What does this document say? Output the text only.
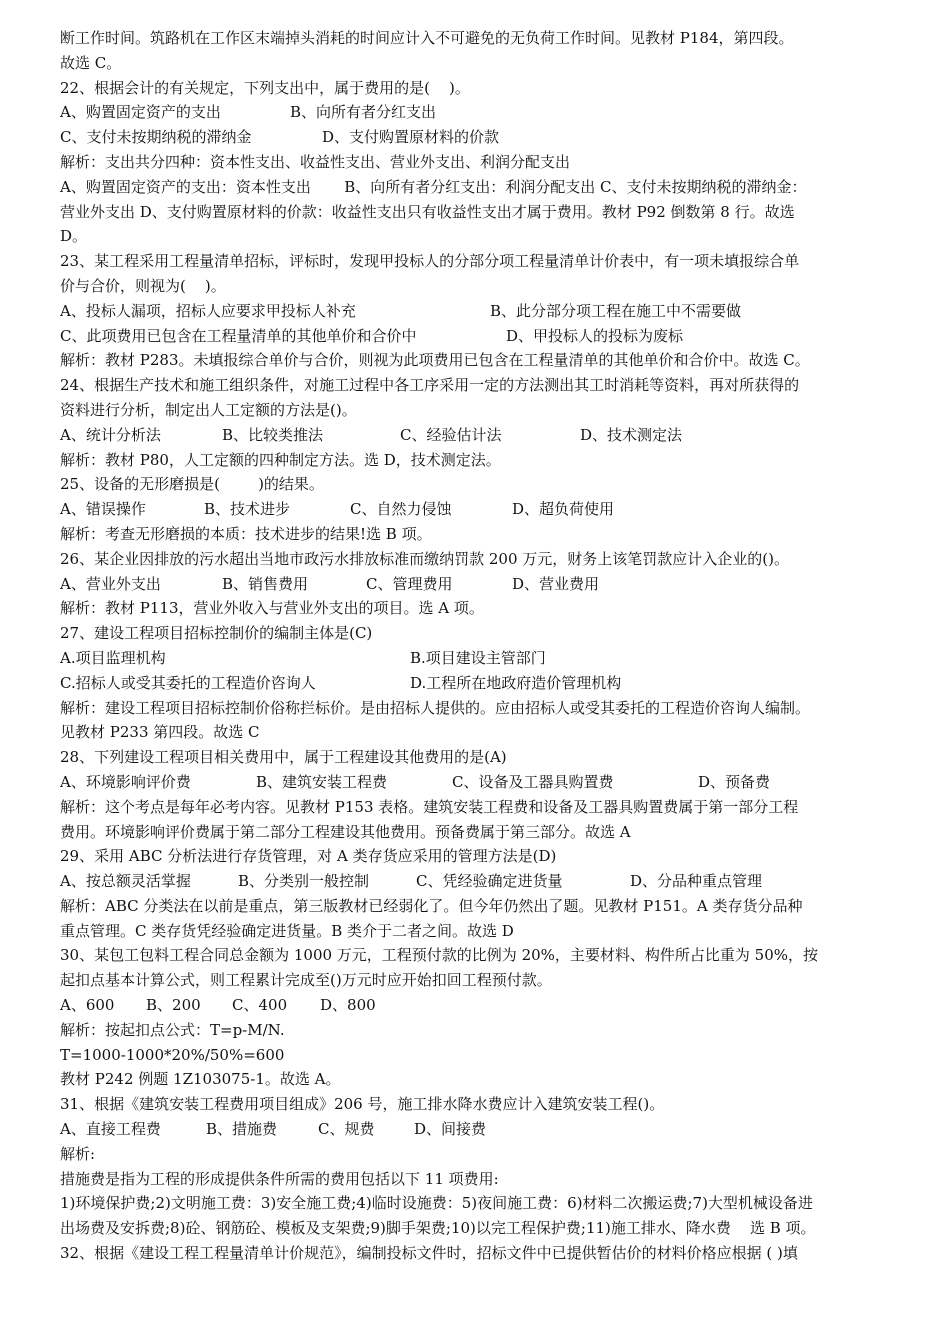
断工作时间。筑路机在工作区末端掉头消耗的时间应计入不可避免的无负荷工作时间。见教材 P184，第四段。
故选 C。
22、根据会计的有关规定，下列支出中，属于费用的是(    )。
A、购置固定资产的支出	B、向所有者分红支出
C、支付未按期纳税的滞纳金	D、支付购置原材料的价款
解析：支出共分四种：资本性支出、收益性支出、营业外支出、利润分配支出
A、购置固定资产的支出：资本性支出       B、向所有者分红支出：利润分配支出 C、支付未按期纳税的滞纳金：
营业外支出 D、支付购置原材料的价款：收益性支出只有收益性支出才属于费用。教材 P92 倒数第 8 行。故选
D。
23、某工程采用工程量清单招标，评标时，发现甲投标人的分部分项工程量清单计价表中，有一项未填报综合单
价与合价，则视为(    )。
A、投标人漏项，招标人应要求甲投标人补充	B、此分部分项工程在施工中不需要做
C、此项费用已包含在工程量清单的其他单价和合价中	D、甲投标人的投标为废标
解析：教材 P283。未填报综合单价与合价，则视为此项费用已包含在工程量清单的其他单价和合价中。故选 C。
24、根据生产技术和施工组织条件，对施工过程中各工序采用一定的方法测出其工时消耗等资料，再对所获得的
资料进行分析，制定出人工定额的方法是()。
A、统计分析法	B、比较类推法	C、经验估计法	D、技术测定法
解析：教材 P80，人工定额的四种制定方法。选 D，技术测定法。
25、设备的无形磨损是(        )的结果。
A、错误操作	B、技术进步	C、自然力侵蚀	D、超负荷使用
解析：考查无形磨损的本质：技术进步的结果!选 B 项。
26、某企业因排放的污水超出当地市政污水排放标准而缴纳罚款 200 万元，财务上该笔罚款应计入企业的()。
A、营业外支出	B、销售费用	C、管理费用	D、营业费用
解析：教材 P113，营业外收入与营业外支出的项目。选 A 项。
27、建设工程项目招标控制价的编制主体是(C)
A.项目监理机构	B.项目建设主管部门
C.招标人或受其委托的工程造价咨询人	D.工程所在地政府造价管理机构
解析：建设工程项目招标控制价俗称拦标价。是由招标人提供的。应由招标人或受其委托的工程造价咨询人编制。
见教材 P233 第四段。故选 C
28、下列建设工程项目相关费用中，属于工程建设其他费用的是(A)
A、环境影响评价费	B、建筑安装工程费	C、设备及工器具购置费	D、预备费
解析：这个考点是每年必考内容。见教材 P153 表格。建筑安装工程费和设备及工器具购置费属于第一部分工程
费用。环境影响评价费属于第二部分工程建设其他费用。预备费属于第三部分。故选 A
29、采用 ABC 分析法进行存货管理，对 A 类存货应采用的管理方法是(D)
A、按总额灵活掌握	B、分类别一般控制	C、凭经验确定进货量	D、分品种重点管理
解析：ABC 分类法在以前是重点，第三版教材已经弱化了。但今年仍然出了题。见教材 P151。A 类存货分品种
重点管理。C 类存货凭经验确定进货量。B 类介于二者之间。故选 D
30、某包工包料工程合同总金额为 1000 万元，工程预付款的比例为 20%，主要材料、构件所占比重为 50%，按
起扣点基本计算公式，则工程累计完成至()万元时应开始扣回工程预付款。
A、600	B、200	C、400	D、800
解析：按起扣点公式：T=p-M/N.
T=1000-1000*20%/50%=600
教材 P242 例题 1Z103075-1。故选 A。
31、根据《建筑安装工程费用项目组成》206 号，施工排水降水费应计入建筑安装工程()。
A、直接工程费	B、措施费	C、规费	D、间接费
解析:
措施费是指为工程的形成提供条件所需的费用包括以下 11 项费用:
1)环境保护费;2)文明施工费：3)安全施工费;4)临时设施费：5)夜间施工费：6)材料二次搬运费;7)大型机械设备进
出场费及安拆费;8)砼、钢筋砼、模板及支架费;9)脚手架费;10)以完工程保护费;11)施工排水、降水费    选 B 项。
32、根据《建设工程工程量清单计价规范》，编制投标文件时，招标文件中已提供暂估价的材料价格应根据 ( )填
